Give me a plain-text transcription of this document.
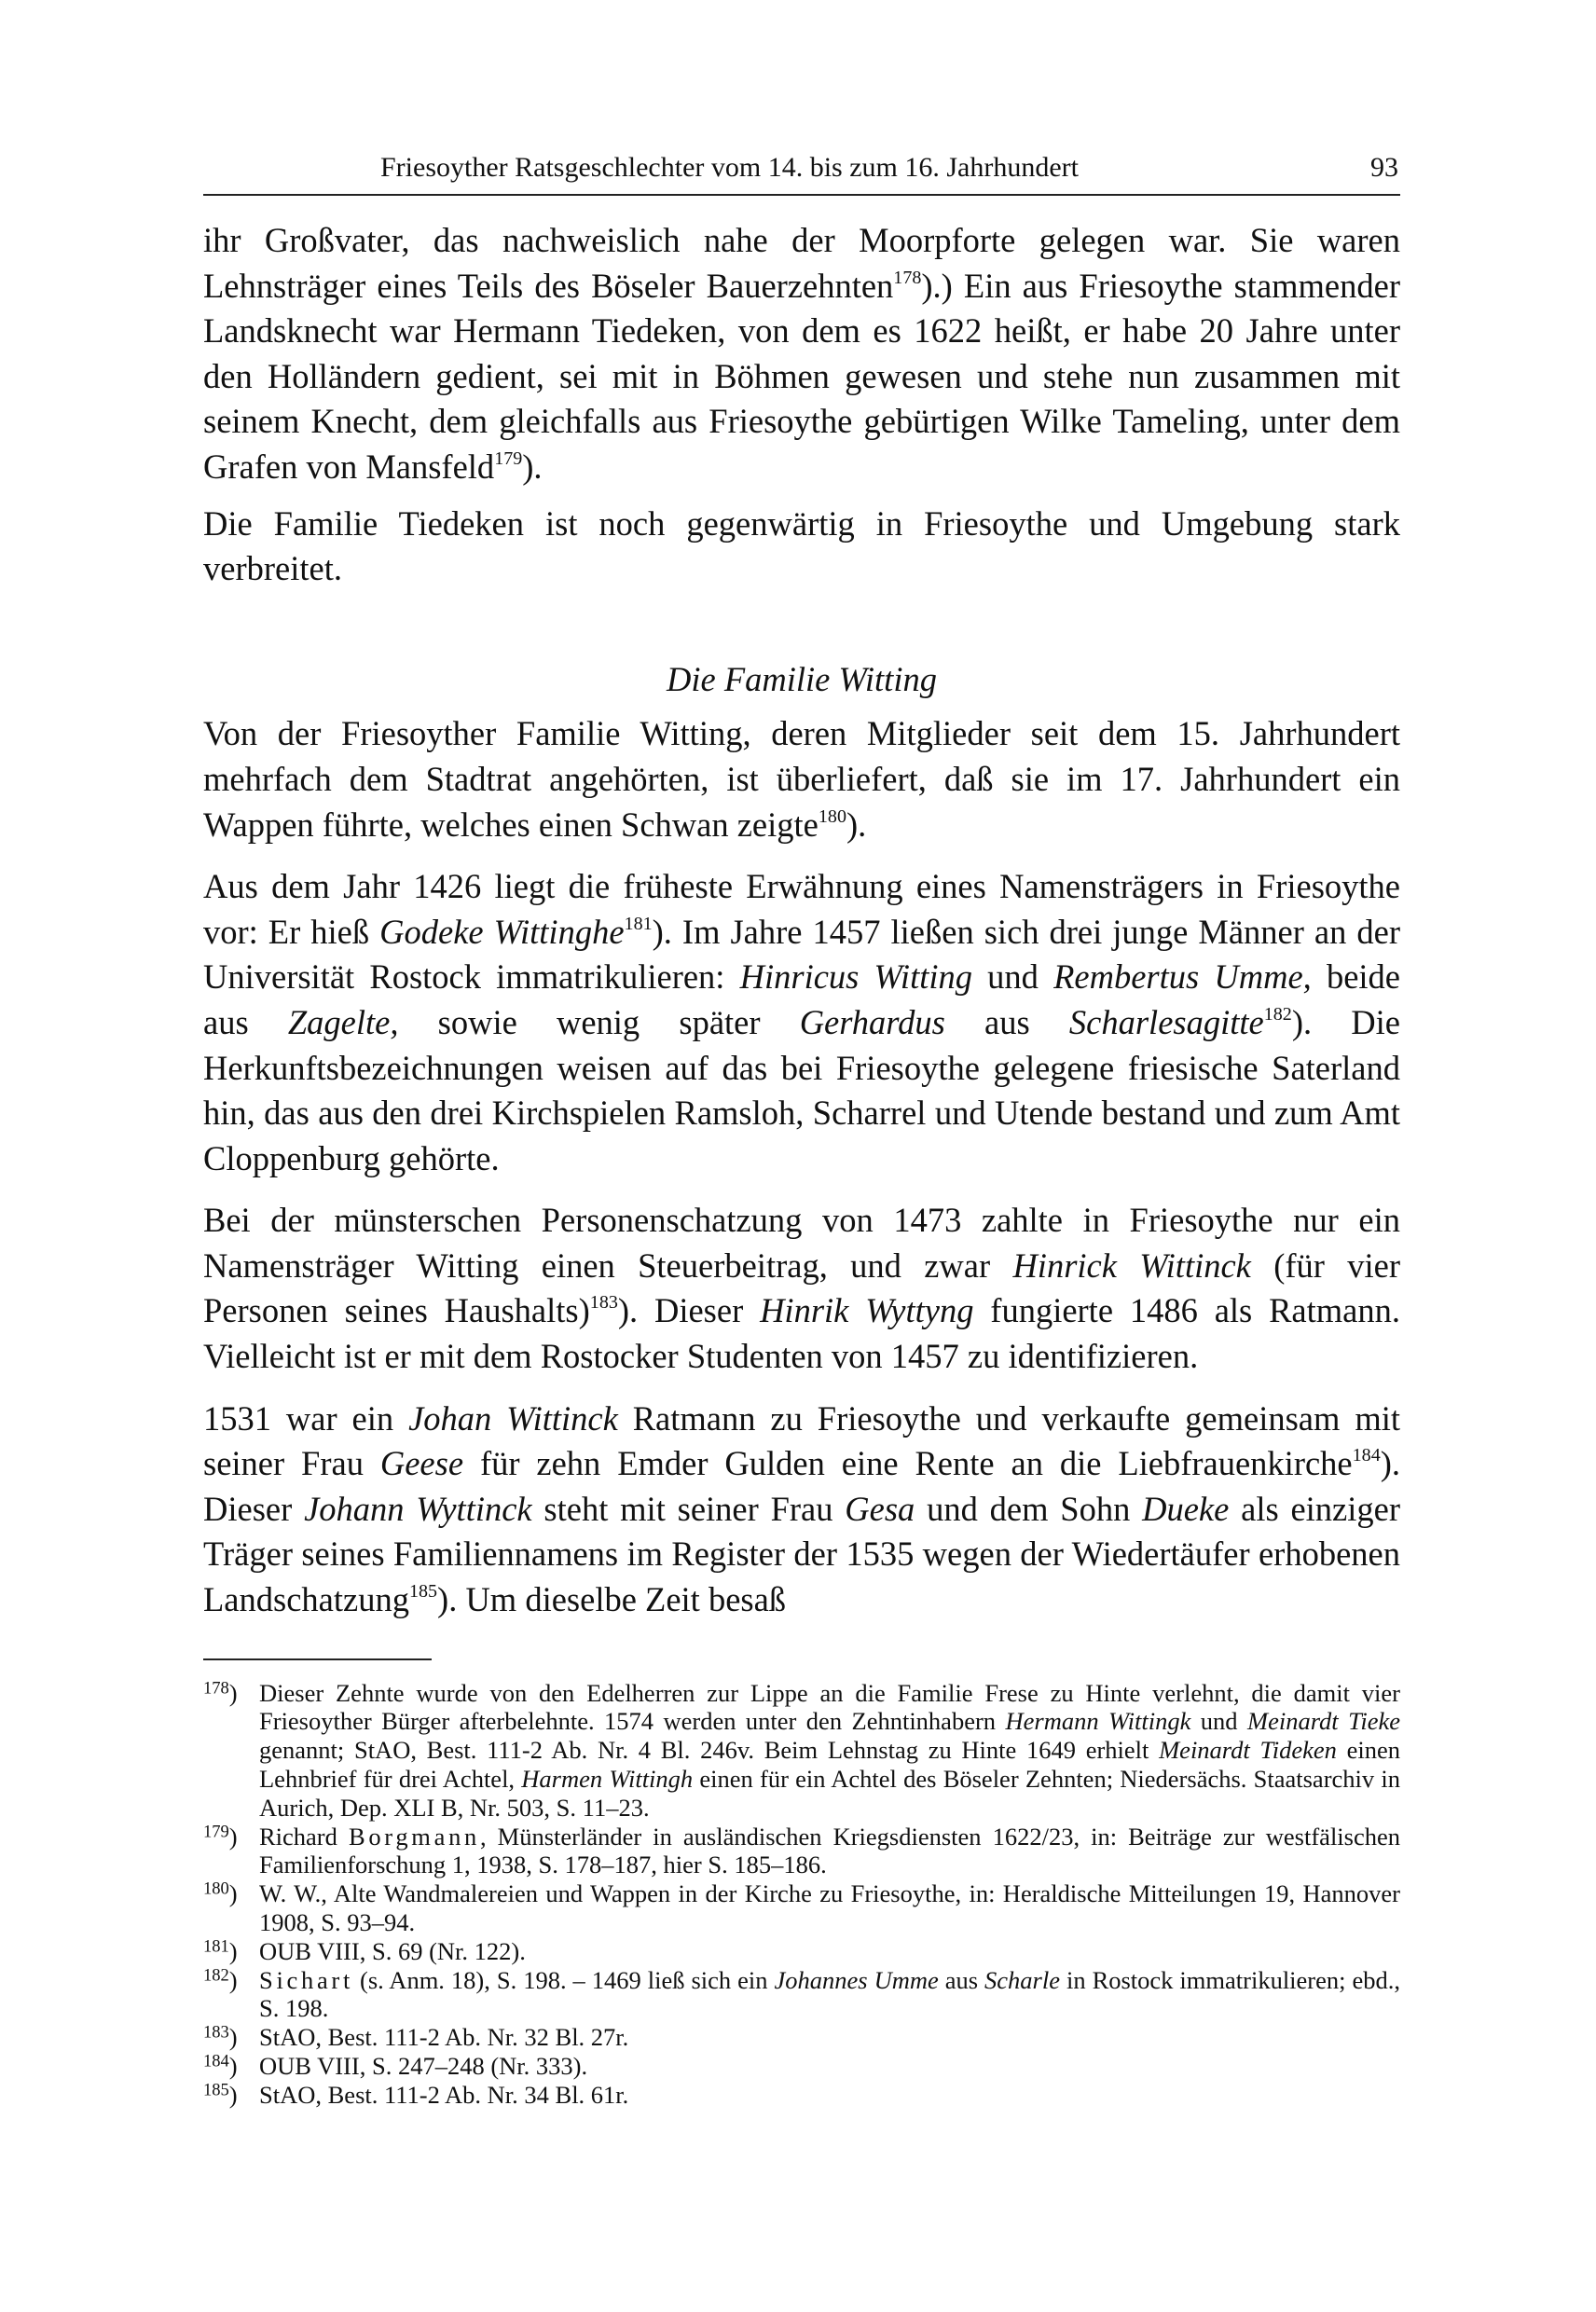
Friesoyther Ratsgeschlechter vom 14. bis zum 16. Jahrhundert	93

ihr Großvater, das nachweislich nahe der Moorpforte gelegen war. Sie waren Lehnsträger eines Teils des Böseler Bauerzehnten$^{178}$).) Ein aus Friesoythe stammender Landsknecht war Hermann Tiedeken, von dem es 1622 heißt, er habe 20 Jahre unter den Holländern gedient, sei mit in Böhmen gewesen und stehe nun zusammen mit seinem Knecht, dem gleichfalls aus Friesoythe gebürtigen Wilke Tameling, unter dem Grafen von Mansfeld$^{179}$).

Die Familie Tiedeken ist noch gegenwärtig in Friesoythe und Umgebung stark verbreitet.

Die Familie Witting

Von der Friesoyther Familie Witting, deren Mitglieder seit dem 15. Jahrhundert mehrfach dem Stadtrat angehörten, ist überliefert, daß sie im 17. Jahrhundert ein Wappen führte, welches einen Schwan zeigte$^{180}$).

Aus dem Jahr 1426 liegt die früheste Erwähnung eines Namensträgers in Friesoythe vor: Er hieß Godeke Wittinghe$^{181}$). Im Jahre 1457 ließen sich drei junge Männer an der Universität Rostock immatrikulieren: Hinricus Witting und Rembertus Umme, beide aus Zagelte, sowie wenig später Gerhardus aus Scharlesagitte$^{182}$). Die Herkunftsbezeichnungen weisen auf das bei Friesoythe gelegene friesische Saterland hin, das aus den drei Kirchspielen Ramsloh, Scharrel und Utende bestand und zum Amt Cloppenburg gehörte.

Bei der münsterschen Personenschatzung von 1473 zahlte in Friesoythe nur ein Namensträger Witting einen Steuerbeitrag, und zwar Hinrick Wittinck (für vier Personen seines Haushalts)$^{183}$). Dieser Hinrik Wyttyng fungierte 1486 als Ratmann. Vielleicht ist er mit dem Rostocker Studenten von 1457 zu identifizieren.

1531 war ein Johan Wittinck Ratmann zu Friesoythe und verkaufte gemeinsam mit seiner Frau Geese für zehn Emder Gulden eine Rente an die Liebfrauenkirche$^{184}$). Dieser Johann Wyttinck steht mit seiner Frau Gesa und dem Sohn Dueke als einziger Träger seines Familiennamens im Register der 1535 wegen der Wiedertäufer erhobenen Landschatzung$^{185}$). Um dieselbe Zeit besaß

$^{178}$) Dieser Zehnte wurde von den Edelherren zur Lippe an die Familie Frese zu Hinte verlehnt, die damit vier Friesoyther Bürger afterbelehnte. 1574 werden unter den Zehntinhabern Hermann Wittingk und Meinardt Tieke genannt; StAO, Best. 111-2 Ab. Nr. 4 Bl. 246v. Beim Lehnstag zu Hinte 1649 erhielt Meinardt Tideken einen Lehnbrief für drei Achtel, Harmen Wittingh einen für ein Achtel des Böseler Zehnten; Niedersächs. Staatsarchiv in Aurich, Dep. XLI B, Nr. 503, S. 11–23.
$^{179}$) Richard Borgmann, Münsterländer in ausländischen Kriegsdiensten 1622/23, in: Beiträge zur westfälischen Familienforschung 1, 1938, S. 178–187, hier S. 185–186.
$^{180}$) W. W., Alte Wandmalereien und Wappen in der Kirche zu Friesoythe, in: Heraldische Mitteilungen 19, Hannover 1908, S. 93–94.
$^{181}$) OUB VIII, S. 69 (Nr. 122).
$^{182}$) Sichart (s. Anm. 18), S. 198. – 1469 ließ sich ein Johannes Umme aus Scharle in Rostock immatrikulieren; ebd., S. 198.
$^{183}$) StAO, Best. 111-2 Ab. Nr. 32 Bl. 27r.
$^{184}$) OUB VIII, S. 247–248 (Nr. 333).
$^{185}$) StAO, Best. 111-2 Ab. Nr. 34 Bl. 61r.
